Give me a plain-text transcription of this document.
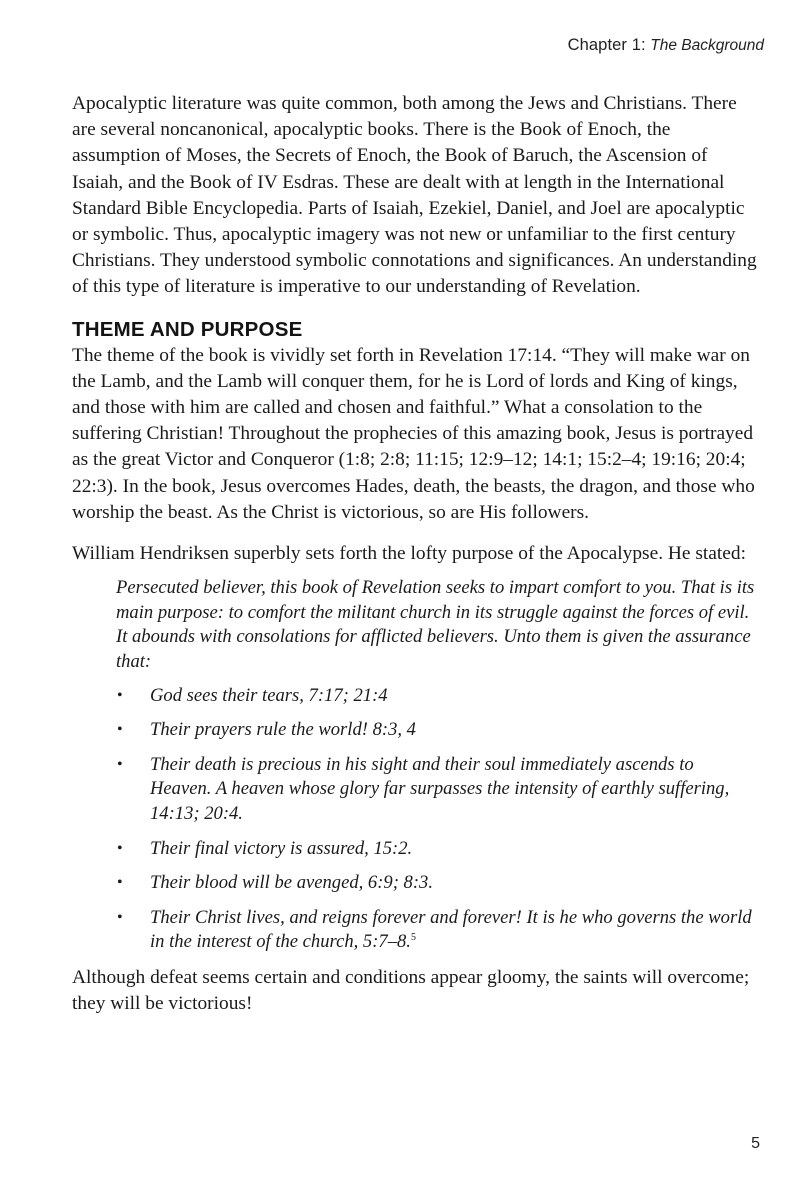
Chapter 1: The Background

Apocalyptic literature was quite common, both among the Jews and Christians. There are several noncanonical, apocalyptic books. There is the Book of Enoch, the assumption of Moses, the Secrets of Enoch, the Book of Baruch, the Ascension of Isaiah, and the Book of IV Esdras. These are dealt with at length in the International Standard Bible Encyclopedia. Parts of Isaiah, Ezekiel, Daniel, and Joel are apocalyptic or symbolic. Thus, apocalyptic imagery was not new or unfamiliar to the first century Christians. They understood symbolic connotations and significances. An understanding of this type of literature is imperative to our understanding of Revelation.

THEME AND PURPOSE

The theme of the book is vividly set forth in Revelation 17:14. “They will make war on the Lamb, and the Lamb will conquer them, for he is Lord of lords and King of kings, and those with him are called and chosen and faithful.” What a consolation to the suffering Christian! Throughout the prophecies of this amazing book, Jesus is portrayed as the great Victor and Conqueror (1:8; 2:8; 11:15; 12:9–12; 14:1; 15:2–4; 19:16; 20:4; 22:3). In the book, Jesus overcomes Hades, death, the beasts, the dragon, and those who worship the beast. As the Christ is victorious, so are His followers.

William Hendriksen superbly sets forth the lofty purpose of the Apocalypse. He stated:

Persecuted believer, this book of Revelation seeks to impart comfort to you. That is its main purpose: to comfort the militant church in its struggle against the forces of evil. It abounds with consolations for afflicted believers. Unto them is given the assurance that:

• God sees their tears, 7:17; 21:4
• Their prayers rule the world! 8:3, 4
• Their death is precious in his sight and their soul immediately ascends to Heaven. A heaven whose glory far surpasses the intensity of earthly suffering, 14:13; 20:4.
• Their final victory is assured, 15:2.
• Their blood will be avenged, 6:9; 8:3.
• Their Christ lives, and reigns forever and forever! It is he who governs the world in the interest of the church, 5:7–8.$^5$

Although defeat seems certain and conditions appear gloomy, the saints will overcome; they will be victorious!

5
